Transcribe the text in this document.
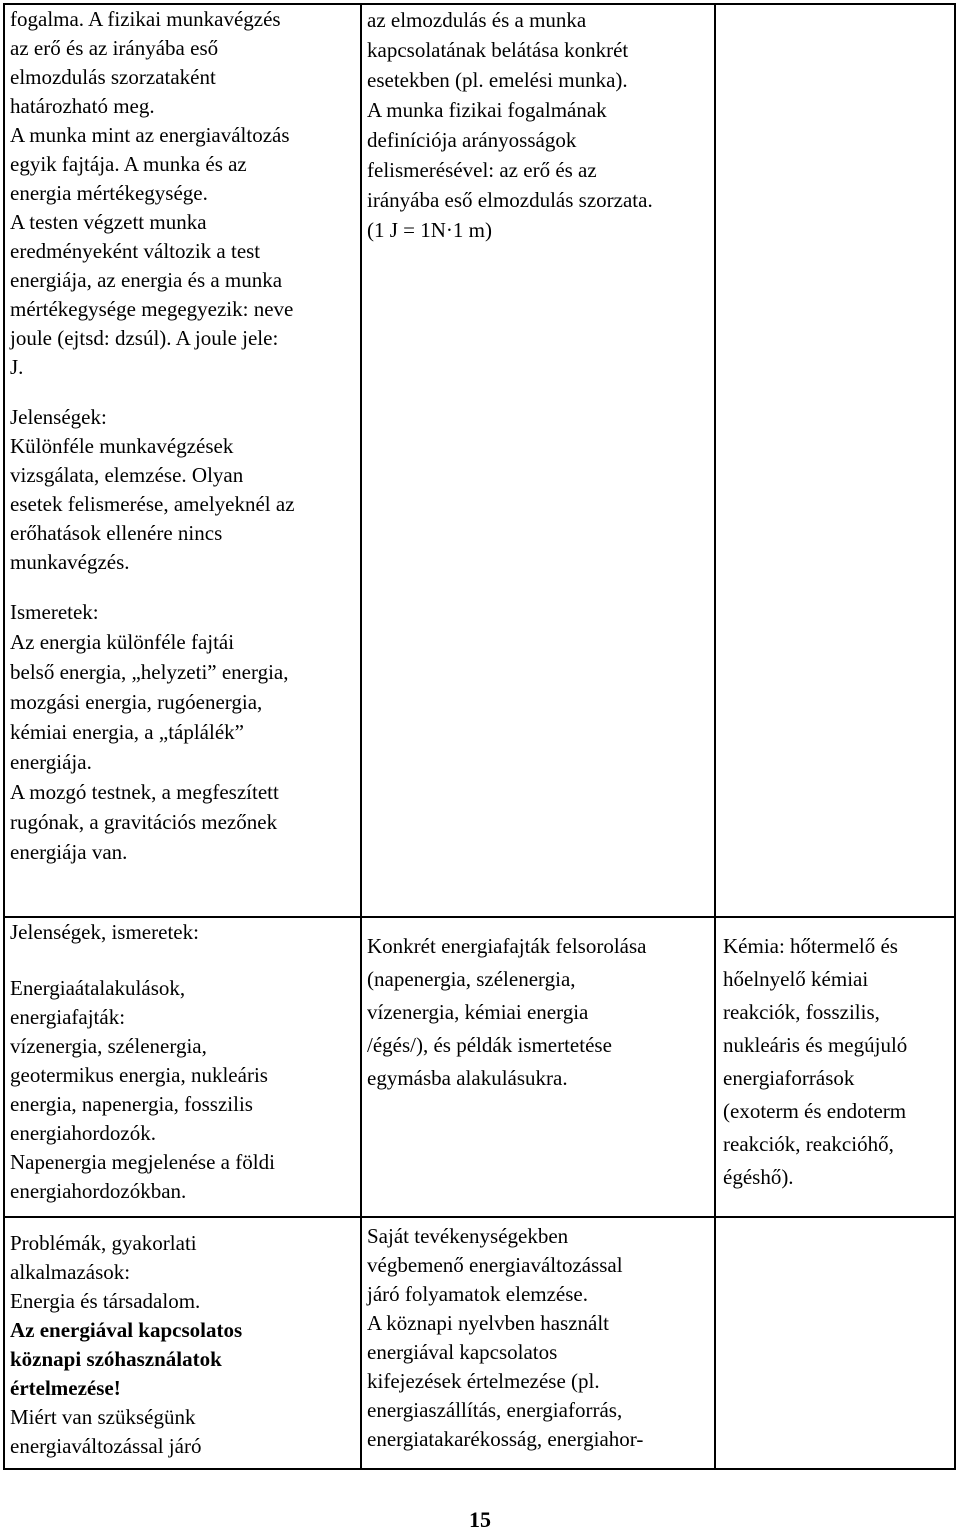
fogalma. A fizikai munkavégzés
az erő és az irányába eső
elmozdulás szorzataként
határozható meg.
A munka mint az energiaváltozás
egyik fajtája. A munka és az
energia mértékegysége.
A testen végzett munka
eredményeként változik a test
energiája, az energia és a munka
mértékegysége megegyezik: neve
joule (ejtsd: dzsúl). A joule jele:
J.

Jelenségek:

Különféle munkavégzések
vizsgálata, elemzése. Olyan
esetek felismerése, amelyeknél az
erőhatások ellenére nincs
munkavégzés.

Ismeretek:

Az energia különféle fajtái
belső energia, „helyzeti” energia,
mozgási energia, rugóenergia,
kémiai energia, a „táplálék”
energiája.
A mozgó testnek, a megfeszített
rugónak, a gravitációs mezőnek
energiája van.

az elmozdulás és a munka
kapcsolatának belátása konkrét
esetekben (pl. emelési munka).
A munka fizikai fogalmának
definíciója arányosságok
felismerésével: az erő és az
irányába eső elmozdulás szorzata.
(1 J = 1N·1 m)

Jelenségek, ismeretek:

Energiaátalakulások,
energiafajták:
vízenergia, szélenergia,
geotermikus energia, nukleáris
energia, napenergia, fosszilis
energiahordozók.
Napenergia megjelenése a földi
energiahordozókban.

Konkrét energiafajták felsorolása
(napenergia, szélenergia,
vízenergia, kémiai energia
/égés/), és példák ismertetése
egymásba alakulásukra.

Kémia: hőtermelő és
hőelnyelő kémiai
reakciók, fosszilis,
nukleáris és megújuló
energiaforrások
(exoterm és endoterm
reakciók, reakcióhő,
égéshő).

Problémák, gyakorlati
alkalmazások:

Energia és társadalom.

Az energiával kapcsolatos
köznapi szóhasználatok
értelmezése!

Miért van szükségünk
energiaváltozással járó

Saját tevékenységekben
végbemenő energiaváltozással
járó folyamatok elemzése.
A köznapi nyelvben használt
energiával kapcsolatos
kifejezések értelmezése (pl.
energiaszállítás, energiaforrás,
energiatakarékosság, energiahor-

15
